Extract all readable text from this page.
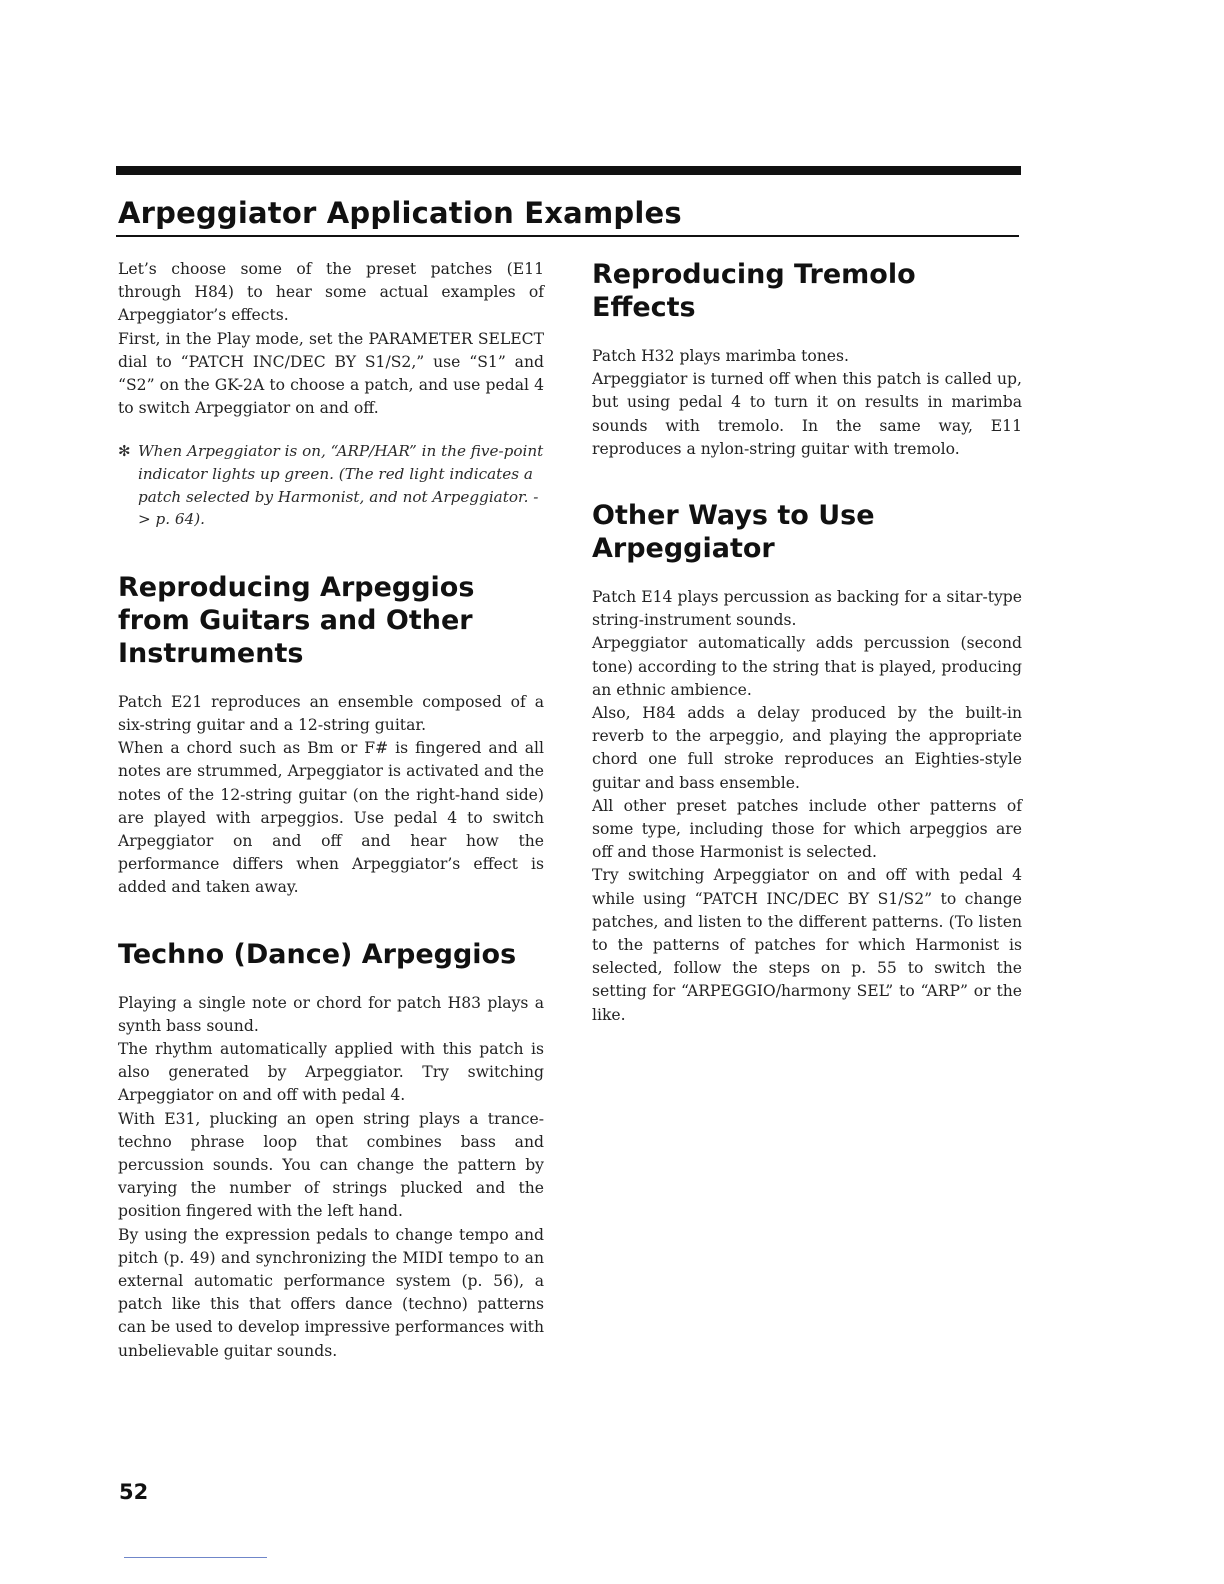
Arpeggiator Application Examples

Let’s choose some of the preset patches (E11 through H84) to hear some actual examples of Arpeggiator’s effects.

First, in the Play mode, set the PARAMETER SELECT dial to “PATCH INC/DEC BY S1/S2,” use “S1” and “S2” on the GK-2A to choose a patch, and use pedal 4 to switch Arpeggiator on and off.

✻ When Arpeggiator is on, “ARP/HAR” in the five-point indicator lights up green. (The red light indicates a patch selected by Harmonist, and not Arpeggiator. -> p. 64).

Reproducing Arpeggios from Guitars and Other Instruments

Patch E21 reproduces an ensemble composed of a six-string guitar and a 12-string guitar.

When a chord such as Bm or F# is fingered and all notes are strummed, Arpeggiator is activated and the notes of the 12-string guitar (on the right-hand side) are played with arpeggios. Use pedal 4 to switch Arpeggiator on and off and hear how the performance differs when Arpeggiator’s effect is added and taken away.

Techno (Dance) Arpeggios

Playing a single note or chord for patch H83 plays a synth bass sound.

The rhythm automatically applied with this patch is also generated by Arpeggiator. Try switching Arpeggiator on and off with pedal 4.

With E31, plucking an open string plays a trance-techno phrase loop that combines bass and percussion sounds. You can change the pattern by varying the number of strings plucked and the position fingered with the left hand.

By using the expression pedals to change tempo and pitch (p. 49) and synchronizing the MIDI tempo to an external automatic performance system (p. 56), a patch like this that offers dance (techno) patterns can be used to develop impressive performances with unbelievable guitar sounds.

Reproducing Tremolo Effects

Patch H32 plays marimba tones.

Arpeggiator is turned off when this patch is called up, but using pedal 4 to turn it on results in marimba sounds with tremolo. In the same way, E11 reproduces a nylon-string guitar with tremolo.

Other Ways to Use Arpeggiator

Patch E14 plays percussion as backing for a sitar-type string-instrument sounds.

Arpeggiator automatically adds percussion (second tone) according to the string that is played, producing an ethnic ambience.

Also, H84 adds a delay produced by the built-in reverb to the arpeggio, and playing the appropriate chord one full stroke reproduces an Eighties-style guitar and bass ensemble.

All other preset patches include other patterns of some type, including those for which arpeggios are off and those Harmonist is selected.

Try switching Arpeggiator on and off with pedal 4 while using “PATCH INC/DEC BY S1/S2” to change patches, and listen to the different patterns. (To listen to the patterns of patches for which Harmonist is selected, follow the steps on p. 55 to switch the setting for “ARPEGGIO/harmony SEL” to “ARP” or the like.

52
